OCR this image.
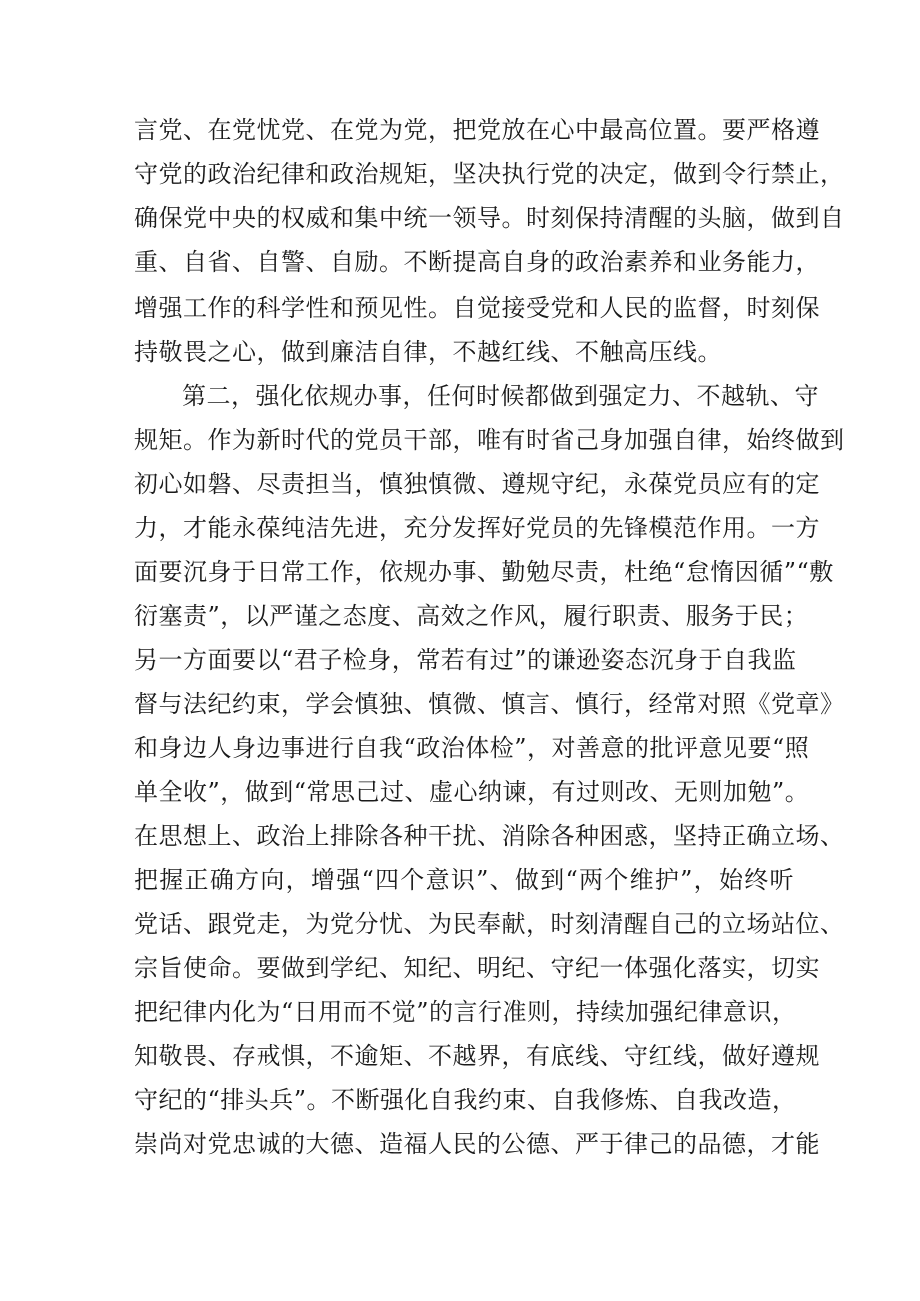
言党、在党忧党、在党为党，把党放在心中最高位置。要严格遵
守党的政治纪律和政治规矩，坚决执行党的决定，做到令行禁止，
确保党中央的权威和集中统一领导。时刻保持清醒的头脑，做到自
重、自省、自警、自励。不断提高自身的政治素养和业务能力，
增强工作的科学性和预见性。自觉接受党和人民的监督，时刻保
持敬畏之心，做到廉洁自律，不越红线、不触高压线。
第二，强化依规办事，任何时候都做到强定力、不越轨、守
规矩。作为新时代的党员干部，唯有时省己身加强自律，始终做到
初心如磐、尽责担当，慎独慎微、遵规守纪，永葆党员应有的定
力，才能永葆纯洁先进，充分发挥好党员的先锋模范作用。一方
面要沉身于日常工作，依规办事、勤勉尽责，杜绝“怠惰因循”“敷
衍塞责”，以严谨之态度、高效之作风，履行职责、服务于民；
另一方面要以“君子检身，常若有过”的谦逊姿态沉身于自我监
督与法纪约束，学会慎独、慎微、慎言、慎行，经常对照《党章》
和身边人身边事进行自我“政治体检”，对善意的批评意见要“照
单全收”，做到“常思己过、虚心纳谏，有过则改、无则加勉”。
在思想上、政治上排除各种干扰、消除各种困惑，坚持正确立场、
把握正确方向，增强“四个意识”、做到“两个维护”，始终听
党话、跟党走，为党分忧、为民奉献，时刻清醒自己的立场站位、
宗旨使命。要做到学纪、知纪、明纪、守纪一体强化落实，切实
把纪律内化为“日用而不觉”的言行准则，持续加强纪律意识，
知敬畏、存戒惧，不逾矩、不越界，有底线、守红线，做好遵规
守纪的“排头兵”。不断强化自我约束、自我修炼、自我改造，
崇尚对党忠诚的大德、造福人民的公德、严于律己的品德，才能
